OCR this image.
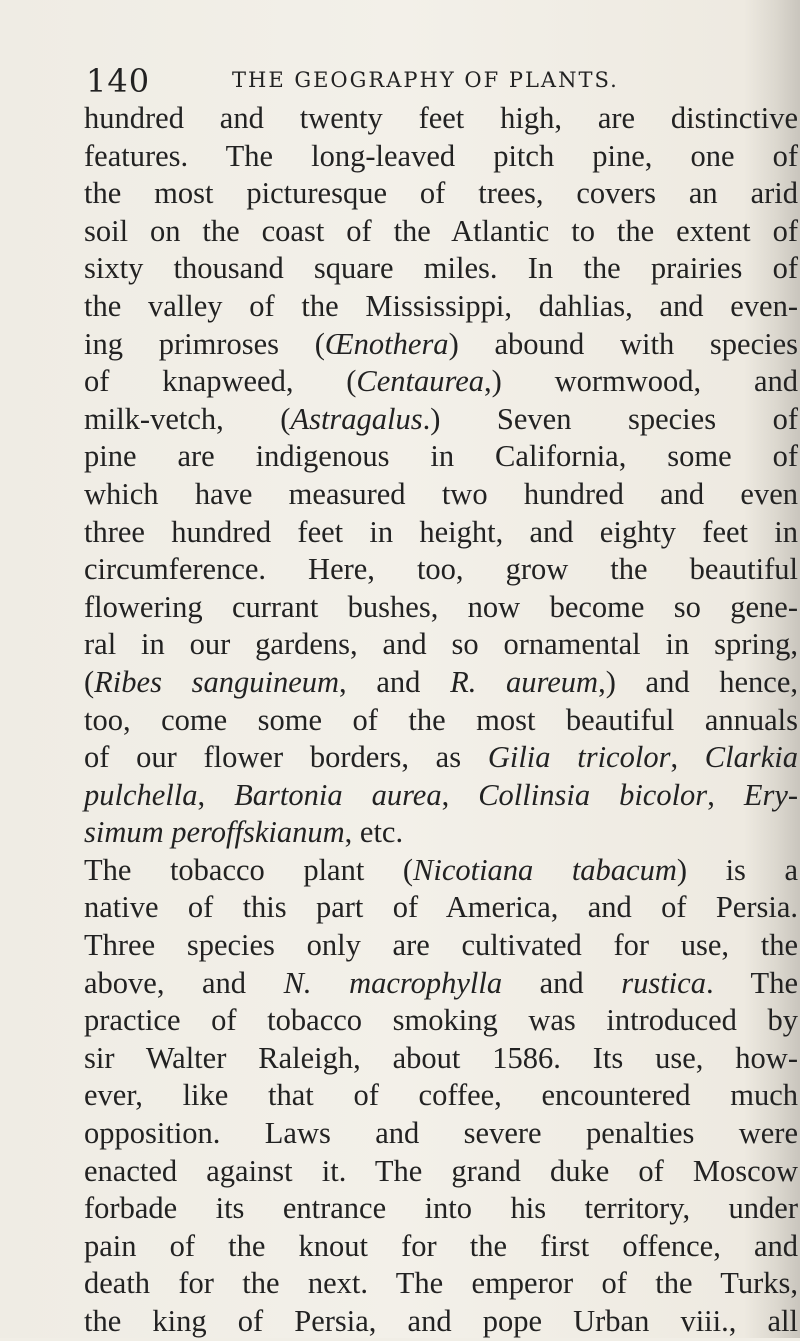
140	THE GEOGRAPHY OF PLANTS.
hundred and twenty feet high, are distinctive
features. The long-leaved pitch pine, one of
the most picturesque of trees, covers an arid
soil on the coast of the Atlantic to the extent of
sixty thousand square miles. In the prairies of
the valley of the Mississippi, dahlias, and even-
ing primroses (Œnothera) abound with species
of knapweed, (Centaurea,) wormwood, and
milk-vetch, (Astragalus.) Seven species of
pine are indigenous in California, some of
which have measured two hundred and even
three hundred feet in height, and eighty feet in
circumference. Here, too, grow the beautiful
flowering currant bushes, now become so gene-
ral in our gardens, and so ornamental in spring,
(Ribes sanguineum, and R. aureum,) and hence,
too, come some of the most beautiful annuals
of our flower borders, as Gilia tricolor, Clarkia
pulchella, Bartonia aurea, Collinsia bicolor, Ery-
simum peroffskianum, etc.
The tobacco plant (Nicotiana tabacum) is a
native of this part of America, and of Persia.
Three species only are cultivated for use, the
above, and N. macrophylla and rustica. The
practice of tobacco smoking was introduced by
sir Walter Raleigh, about 1586. Its use, how-
ever, like that of coffee, encountered much
opposition. Laws and severe penalties were
enacted against it. The grand duke of Moscow
forbade its entrance into his territory, under
pain of the knout for the first offence, and
death for the next. The emperor of the Turks,
the king of Persia, and pope Urban viii., all
